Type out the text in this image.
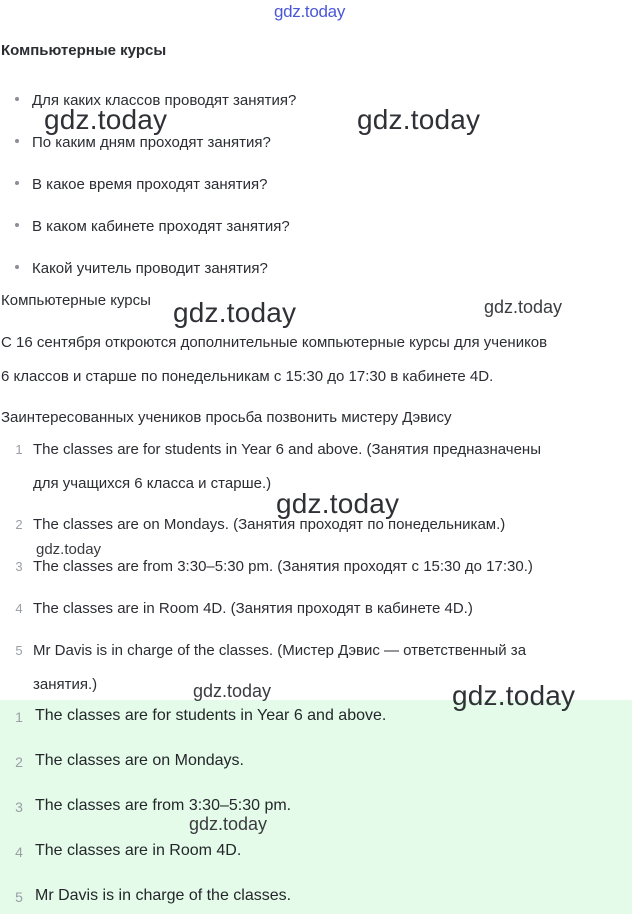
gdz.today
Компьютерные курсы
Для каких классов проводят занятия?
По каким дням проходят занятия?
В какое время проходят занятия?
В каком кабинете проходят занятия?
Какой учитель проводит занятия?
Компьютерные курсы
С 16 сентября откроются дополнительные компьютерные курсы для учеников
6 классов и старше по понедельникам с 15:30 до 17:30 в кабинете 4D.
Заинтересованных учеников просьба позвонить мистеру Дэвису
1 The classes are for students in Year 6 and above. (Занятия предназначены
для учащихся 6 класса и старше.)
2 The classes are on Mondays. (Занятия проходят по понедельникам.)
3 The classes are from 3:30–5:30 pm. (Занятия проходят с 15:30 до 17:30.)
4 The classes are in Room 4D. (Занятия проходят в кабинете 4D.)
5 Mr Davis is in charge of the classes. (Мистер Дэвис — ответственный за
занятия.)
1 The classes are for students in Year 6 and above.
2 The classes are on Mondays.
3 The classes are from 3:30–5:30 pm.
4 The classes are in Room 4D.
5 Mr Davis is in charge of the classes.
gdz.today	gdz.today
gdz.today	gdz.today
gdz.today
gdz.today
gdz.today	gdz.today
gdz.today
